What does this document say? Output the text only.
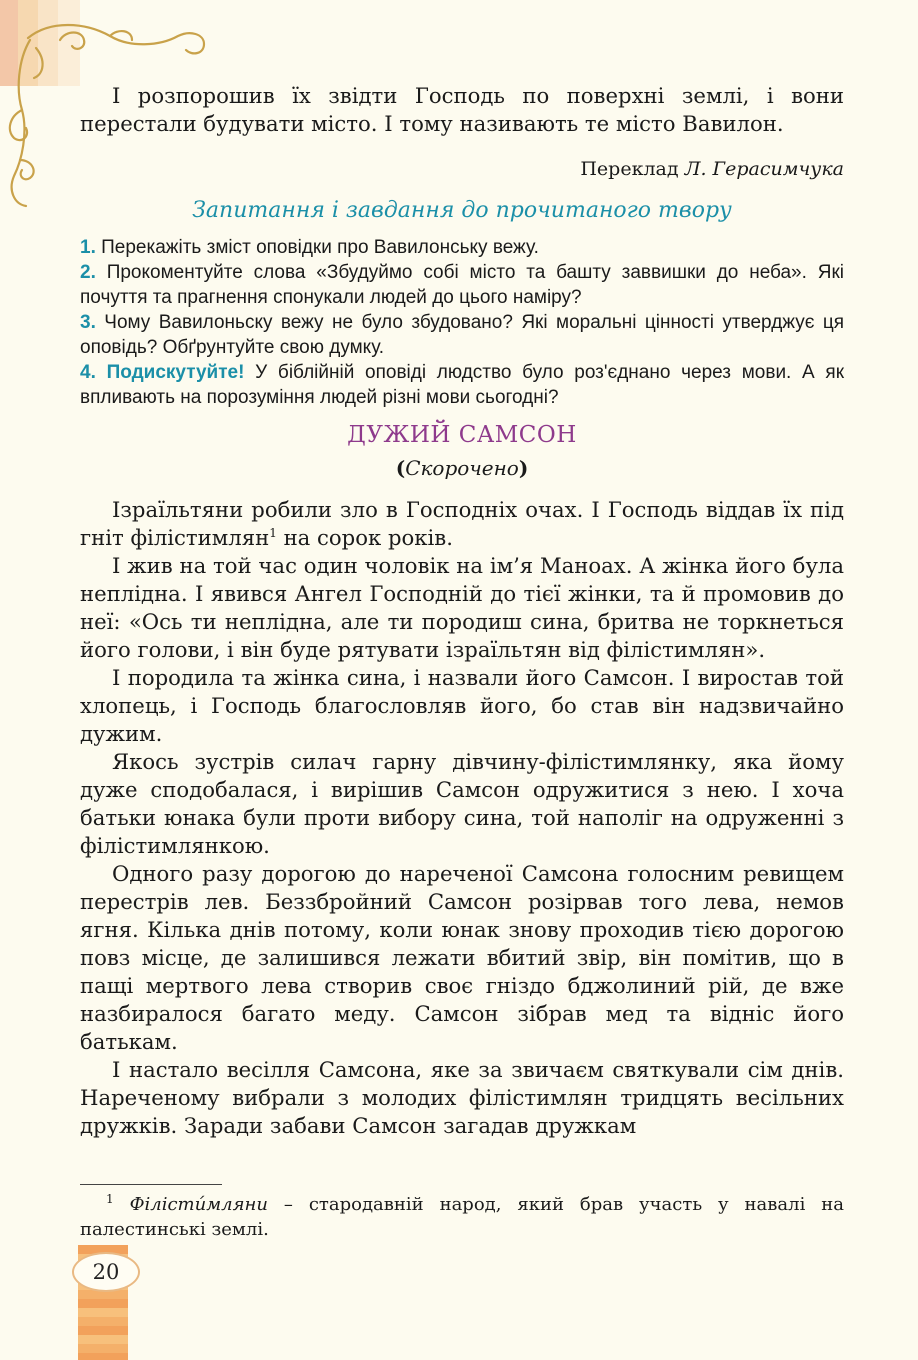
І розпорошив їх звідти Господь по поверхні землі, і вони перестали будувати місто. І тому називають те місто Вавилон.

Переклад Л. Герасимчука
Запитання і завдання до прочитаного твору

1. Перекажіть зміст оповідки про Вавилонську вежу.

2. Прокоментуйте слова «Збудуймо собі місто та башту заввишки до неба». Які почуття та прагнення спонукали людей до цього наміру?

3. Чому Вавилоньску вежу не було збудовано? Які моральні цінності утверджує ця оповідь? Обґрунтуйте свою думку.

4. Подискутуйте! У біблійній оповіді людство було роз'єднано через мови. А як впливають на порозуміння людей різні мови сьогодні?

ДУЖИЙ САМСОН
(Скорочено)

Ізраїльтяни робили зло в Господніх очах. І Господь віддав їх під гніт філістимлян$^1$ на сорок років.

І жив на той час один чоловік на ім’я Маноах. А жінка його була неплідна. І явився Ангел Господній до тієї жінки, та й промовив до неї: «Ось ти неплідна, але ти породиш сина, бритва не торкнеться його голови, і він буде рятувати ізраїльтян від філістимлян».

І породила та жінка сина, і назвали його Самсон. І виростав той хлопець, і Господь благословляв його, бо став він надзвичайно дужим.

Якось зустрів силач гарну дівчину-філістимлянку, яка йому дуже сподобалася, і вирішив Самсон одружитися з нею. І хоча батьки юнака були проти вибору сина, той наполіг на одруженні з філістимлянкою.

Одного разу дорогою до нареченої Самсона голосним ревищем перестрів лев. Беззбройний Самсон розірвав того лева, немов ягня. Кілька днів потому, коли юнак знову проходив тією дорогою повз місце, де залишився лежати вбитий звір, він помітив, що в пащі мертвого лева створив своє гніздо бджолиний рій, де вже назбиралося багато меду. Самсон зібрав мед та відніс його батькам.

І настало весілля Самсона, яке за звичаєм святкували сім днів. Нареченому вибрали з молодих філістимлян тридцять весільних дружків. Заради забави Самсон загадав дружкам

$^1$ Філісти́мляни – стародавній народ, який брав участь у навалі на палестинські землі.
20
